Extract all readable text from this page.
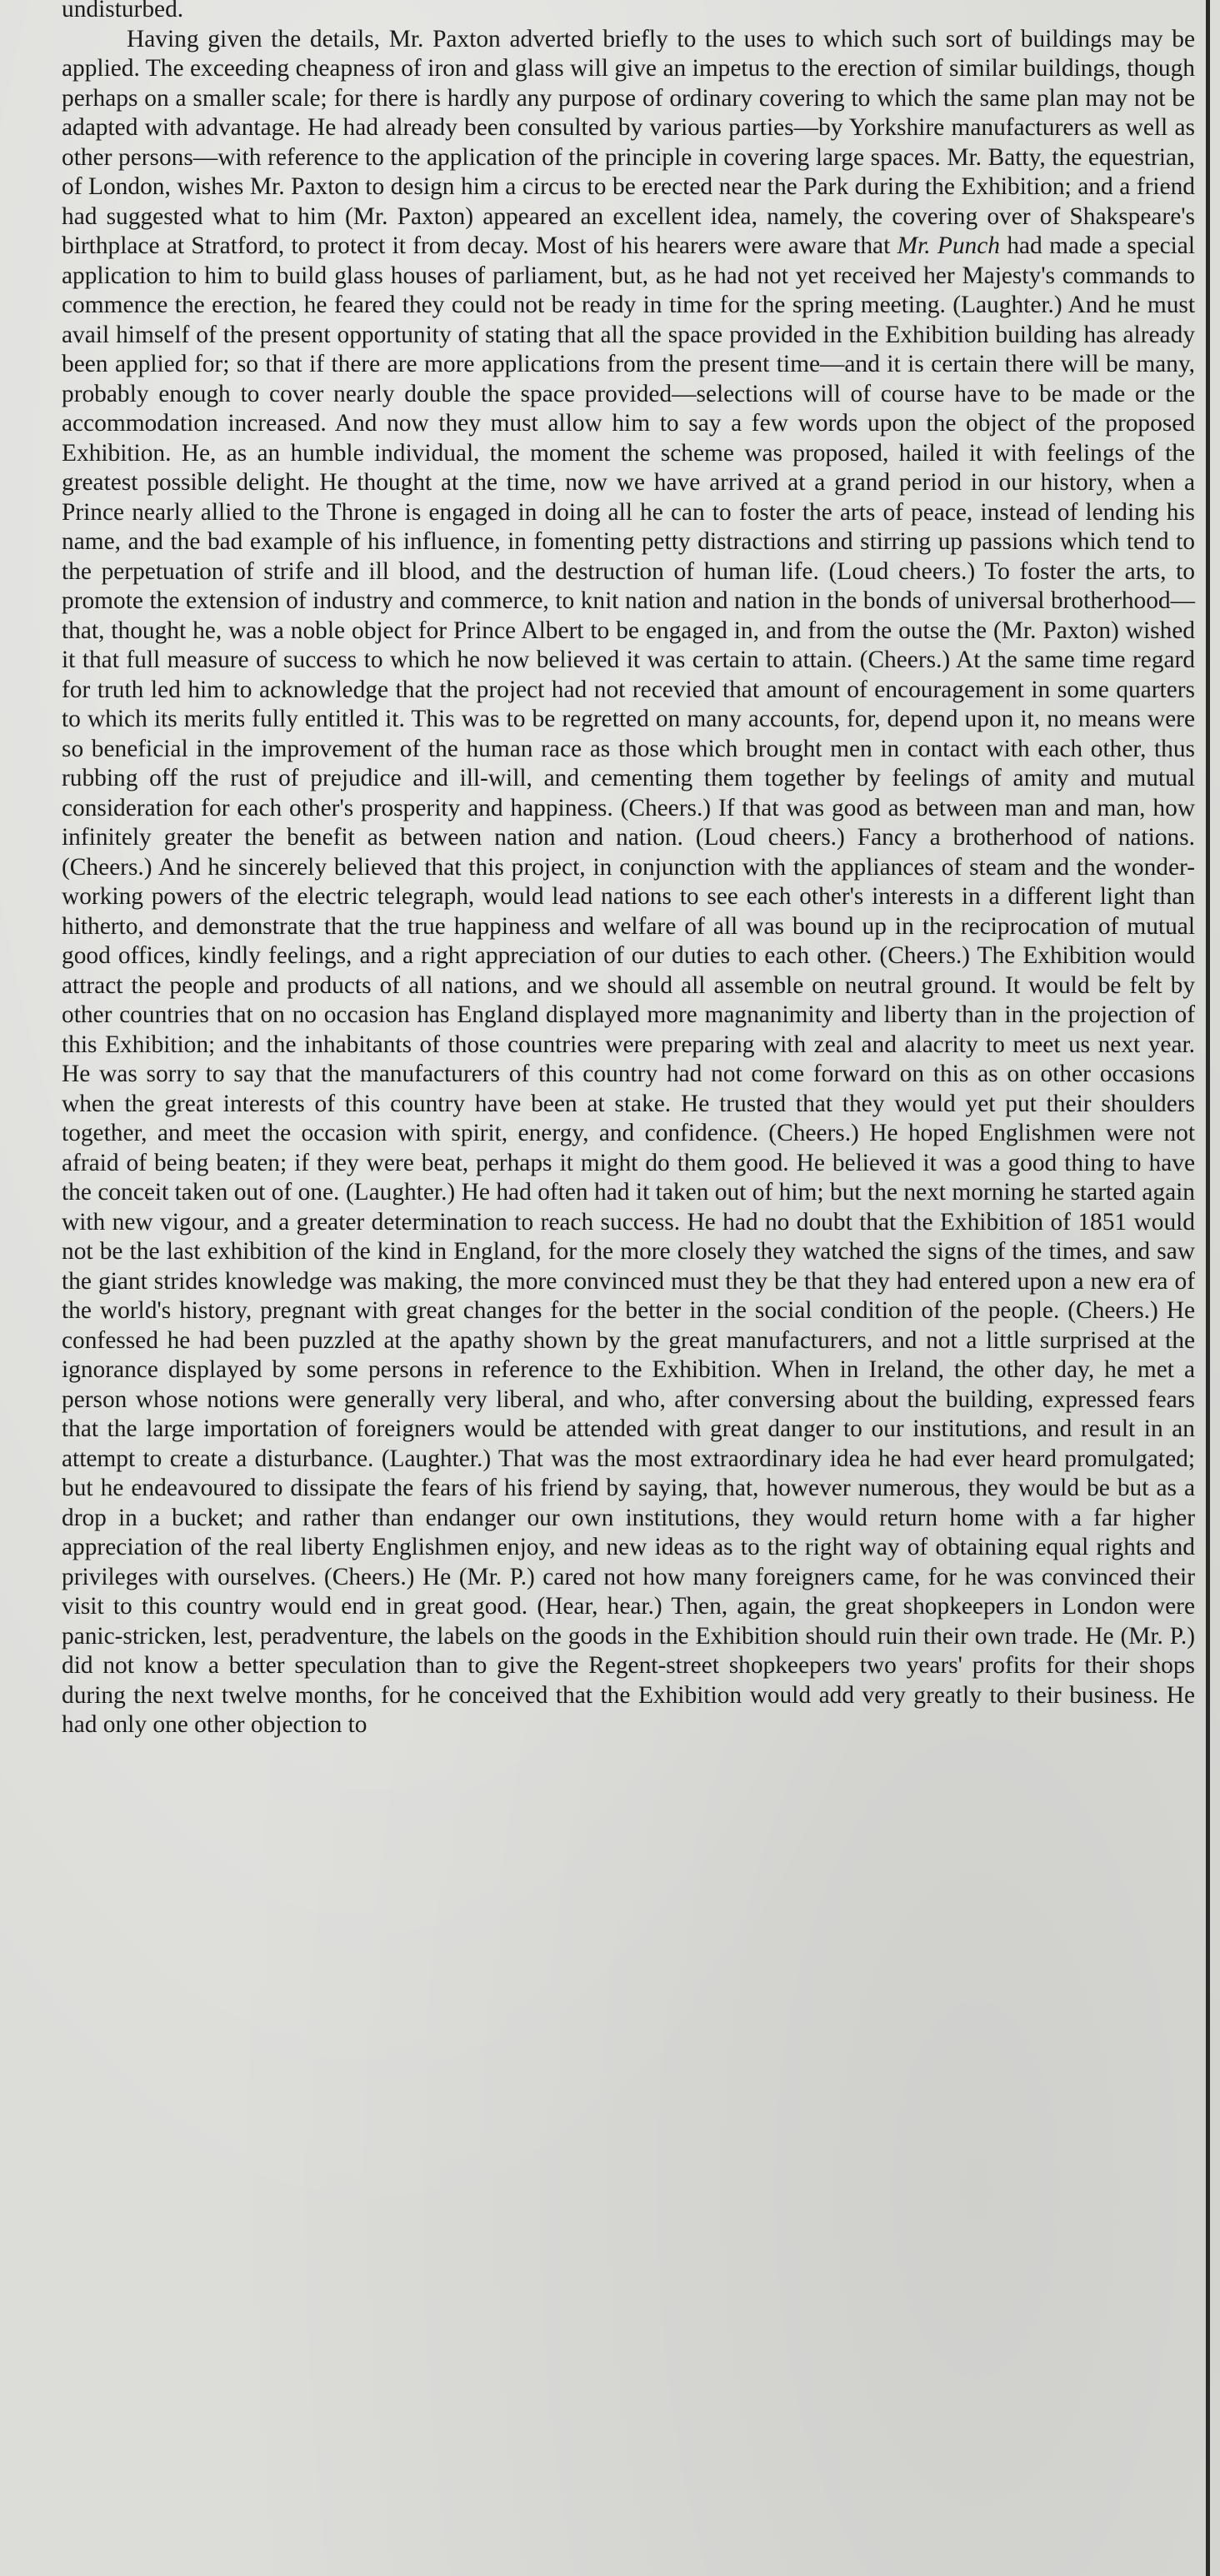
undisturbed.

Having given the details, Mr. Paxton adverted briefly to the uses to which such sort of buildings may be applied. The exceeding cheapness of iron and glass will give an impetus to the erection of similar buildings, though perhaps on a smaller scale; for there is hardly any purpose of ordinary covering to which the same plan may not be adapted with advantage. He had already been consulted by various parties—by Yorkshire manufacturers as well as other persons—with reference to the application of the principle in covering large spaces. Mr. Batty, the equestrian, of London, wishes Mr. Paxton to design him a circus to be erected near the Park during the Exhibition; and a friend had suggested what to him (Mr. Paxton) appeared an excellent idea, namely, the covering over of Shakspeare's birthplace at Stratford, to protect it from decay. Most of his hearers were aware that Mr. Punch had made a special application to him to build glass houses of parliament, but, as he had not yet received her Majesty's commands to commence the erection, he feared they could not be ready in time for the spring meeting. (Laughter.) And he must avail himself of the present opportunity of stating that all the space provided in the Exhibition building has already been applied for; so that if there are more applications from the present time—and it is certain there will be many, probably enough to cover nearly double the space provided—selections will of course have to be made or the accommodation increased. And now they must allow him to say a few words upon the object of the proposed Exhibition. He, as an humble individual, the moment the scheme was proposed, hailed it with feelings of the greatest possible delight. He thought at the time, now we have arrived at a grand period in our history, when a Prince nearly allied to the Throne is engaged in doing all he can to foster the arts of peace, instead of lending his name, and the bad example of his influence, in fomenting petty distractions and stirring up passions which tend to the perpetuation of strife and ill blood, and the destruction of human life. (Loud cheers.) To foster the arts, to promote the extension of industry and commerce, to knit nation and nation in the bonds of universal brotherhood—that, thought he, was a noble object for Prince Albert to be engaged in, and from the outse the (Mr. Paxton) wished it that full measure of success to which he now believed it was certain to attain. (Cheers.) At the same time regard for truth led him to acknowledge that the project had not recevied that amount of encouragement in some quarters to which its merits fully entitled it. This was to be regretted on many accounts, for, depend upon it, no means were so beneficial in the improvement of the human race as those which brought men in contact with each other, thus rubbing off the rust of prejudice and ill-will, and cementing them together by feelings of amity and mutual consideration for each other's prosperity and happiness. (Cheers.) If that was good as between man and man, how infinitely greater the benefit as between nation and nation. (Loud cheers.) Fancy a brotherhood of nations. (Cheers.) And he sincerely believed that this project, in conjunction with the appliances of steam and the wonder-working powers of the electric telegraph, would lead nations to see each other's interests in a different light than hitherto, and demonstrate that the true happiness and welfare of all was bound up in the reciprocation of mutual good offices, kindly feelings, and a right appreciation of our duties to each other. (Cheers.) The Exhibition would attract the people and products of all nations, and we should all assemble on neutral ground. It would be felt by other countries that on no occasion has England displayed more magnanimity and liberty than in the projection of this Exhibition; and the inhabitants of those countries were preparing with zeal and alacrity to meet us next year. He was sorry to say that the manufacturers of this country had not come forward on this as on other occasions when the great interests of this country have been at stake. He trusted that they would yet put their shoulders together, and meet the occasion with spirit, energy, and confidence. (Cheers.) He hoped Englishmen were not afraid of being beaten; if they were beat, perhaps it might do them good. He believed it was a good thing to have the conceit taken out of one. (Laughter.) He had often had it taken out of him; but the next morning he started again with new vigour, and a greater determination to reach success. He had no doubt that the Exhibition of 1851 would not be the last exhibition of the kind in England, for the more closely they watched the signs of the times, and saw the giant strides knowledge was making, the more convinced must they be that they had entered upon a new era of the world's history, pregnant with great changes for the better in the social condition of the people. (Cheers.) He confessed he had been puzzled at the apathy shown by the great manufacturers, and not a little surprised at the ignorance displayed by some persons in reference to the Exhibition. When in Ireland, the other day, he met a person whose notions were generally very liberal, and who, after conversing about the building, expressed fears that the large importation of foreigners would be attended with great danger to our institutions, and result in an attempt to create a disturbance. (Laughter.) That was the most extraordinary idea he had ever heard promulgated; but he endeavoured to dissipate the fears of his friend by saying, that, however numerous, they would be but as a drop in a bucket; and rather than endanger our own institutions, they would return home with a far higher appreciation of the real liberty Englishmen enjoy, and new ideas as to the right way of obtaining equal rights and privileges with ourselves. (Cheers.) He (Mr. P.) cared not how many foreigners came, for he was convinced their visit to this country would end in great good. (Hear, hear.) Then, again, the great shopkeepers in London were panic-stricken, lest, peradventure, the labels on the goods in the Exhibition should ruin their own trade. He (Mr. P.) did not know a better speculation than to give the Regent-street shopkeepers two years' profits for their shops during the next twelve months, for he conceived that the Exhibition would add very greatly to their business. He had only one other objection to
